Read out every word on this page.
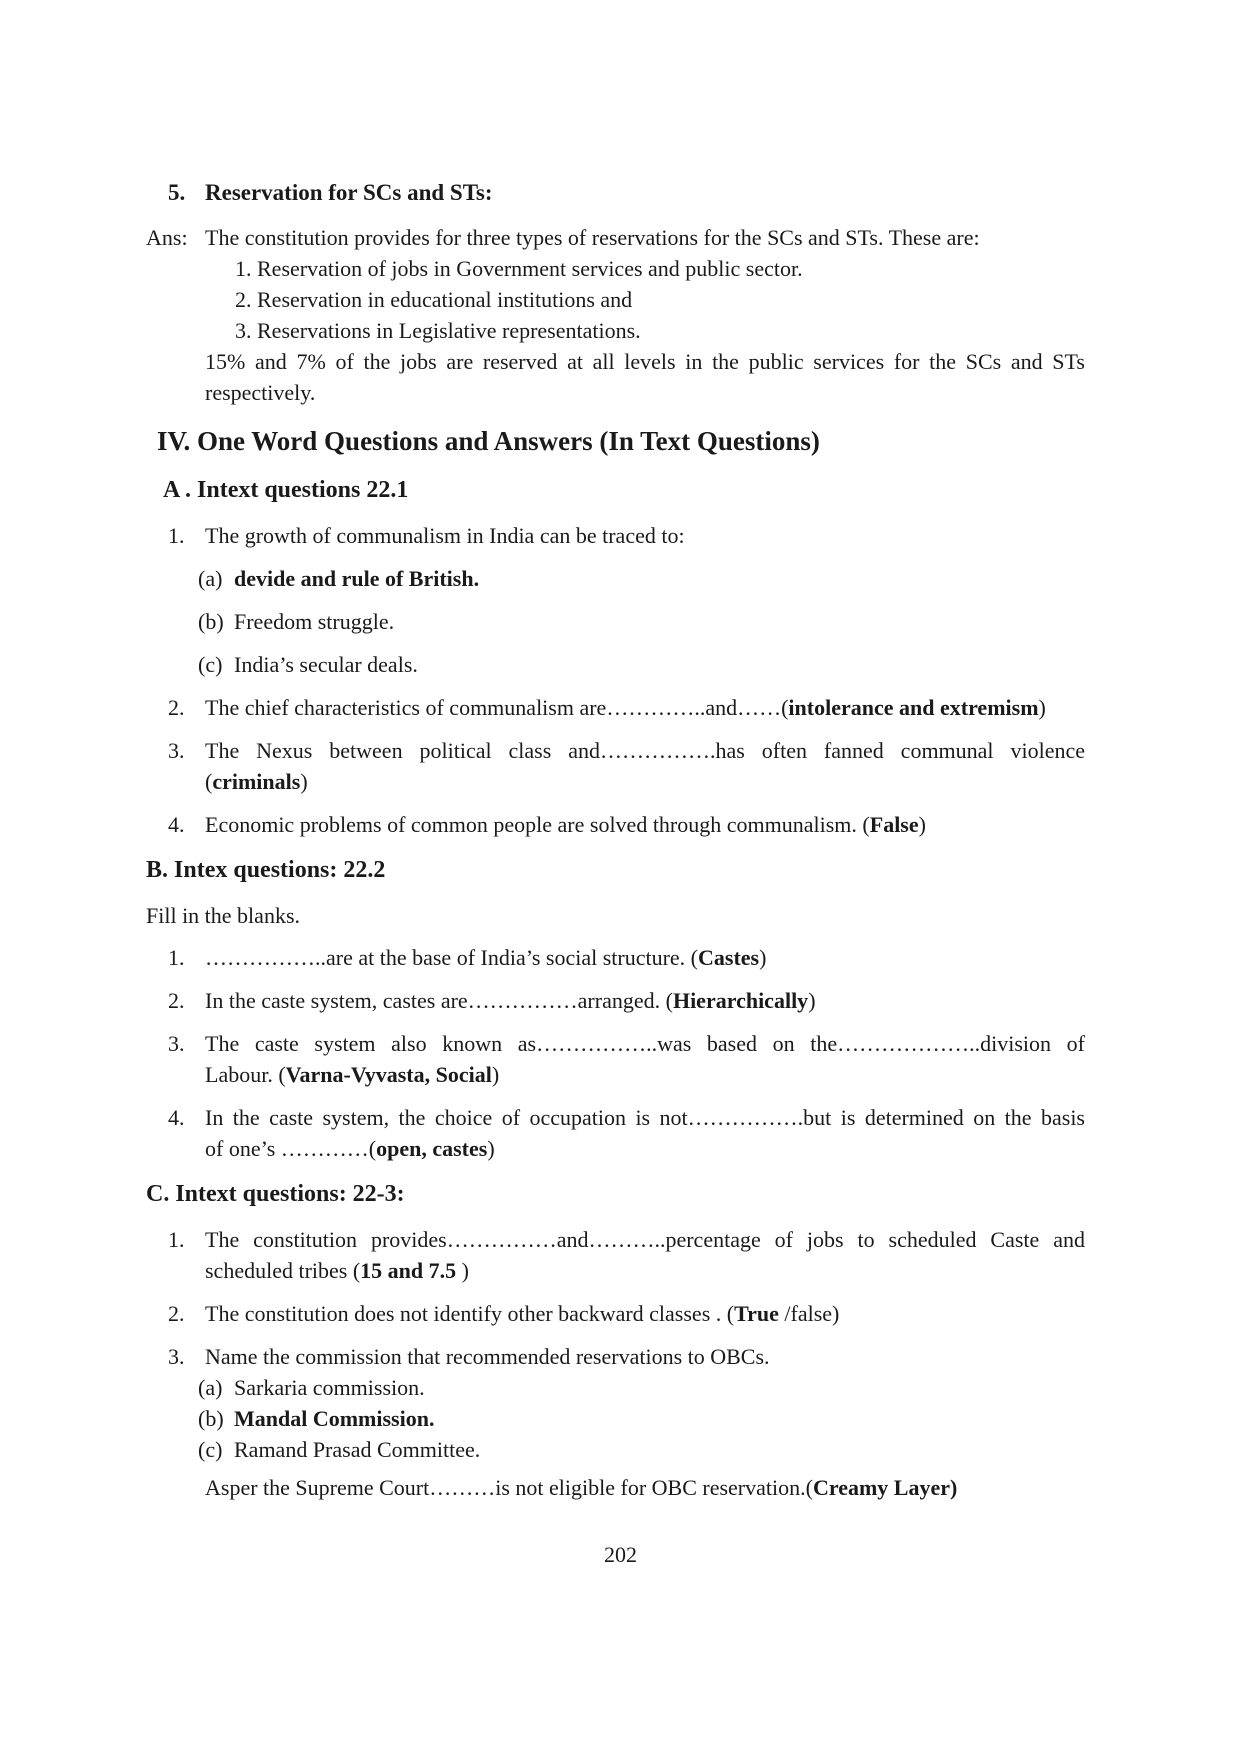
5. Reservation for SCs and STs:
Ans: The constitution provides for three types of reservations for the SCs and STs. These are:
1. Reservation of jobs in Government services and public sector.
2. Reservation in educational institutions and
3. Reservations in Legislative representations.
15% and 7% of the jobs are reserved at all levels in the public services for the SCs and STs
respectively.
IV. One Word Questions and Answers (In Text Questions)
A . Intext questions 22.1
1. The growth of communalism in India can be traced to:
(a) devide and rule of British.
(b) Freedom struggle.
(c) India’s secular deals.
2. The chief characteristics of communalism are…………..and……(intolerance and extremism)
3. The Nexus between political class and…………….has often fanned communal violence
(criminals)
4. Economic problems of common people are solved through communalism. (False)
B. Intex questions: 22.2
Fill in the blanks.
1. ……………..are at the base of India’s social structure. (Castes)
2. In the caste system, castes are……………arranged. (Hierarchically)
3. The caste system also known as……………..was based on the………………..division of
Labour. (Varna-Vyvasta, Social)
4. In the caste system, the choice of occupation is not…………….but is determined on the basis
of one’s …………(open, castes)
C. Intext questions: 22-3:
1. The constitution provides……………and………..percentage of jobs to scheduled Caste and
scheduled tribes (15 and 7.5 )
2. The constitution does not identify other backward classes . (True /false)
3. Name the commission that recommended reservations to OBCs.
(a) Sarkaria commission.
(b) Mandal Commission.
(c) Ramand Prasad Committee.
Asper the Supreme Court………is not eligible for OBC reservation.(Creamy Layer)
202
